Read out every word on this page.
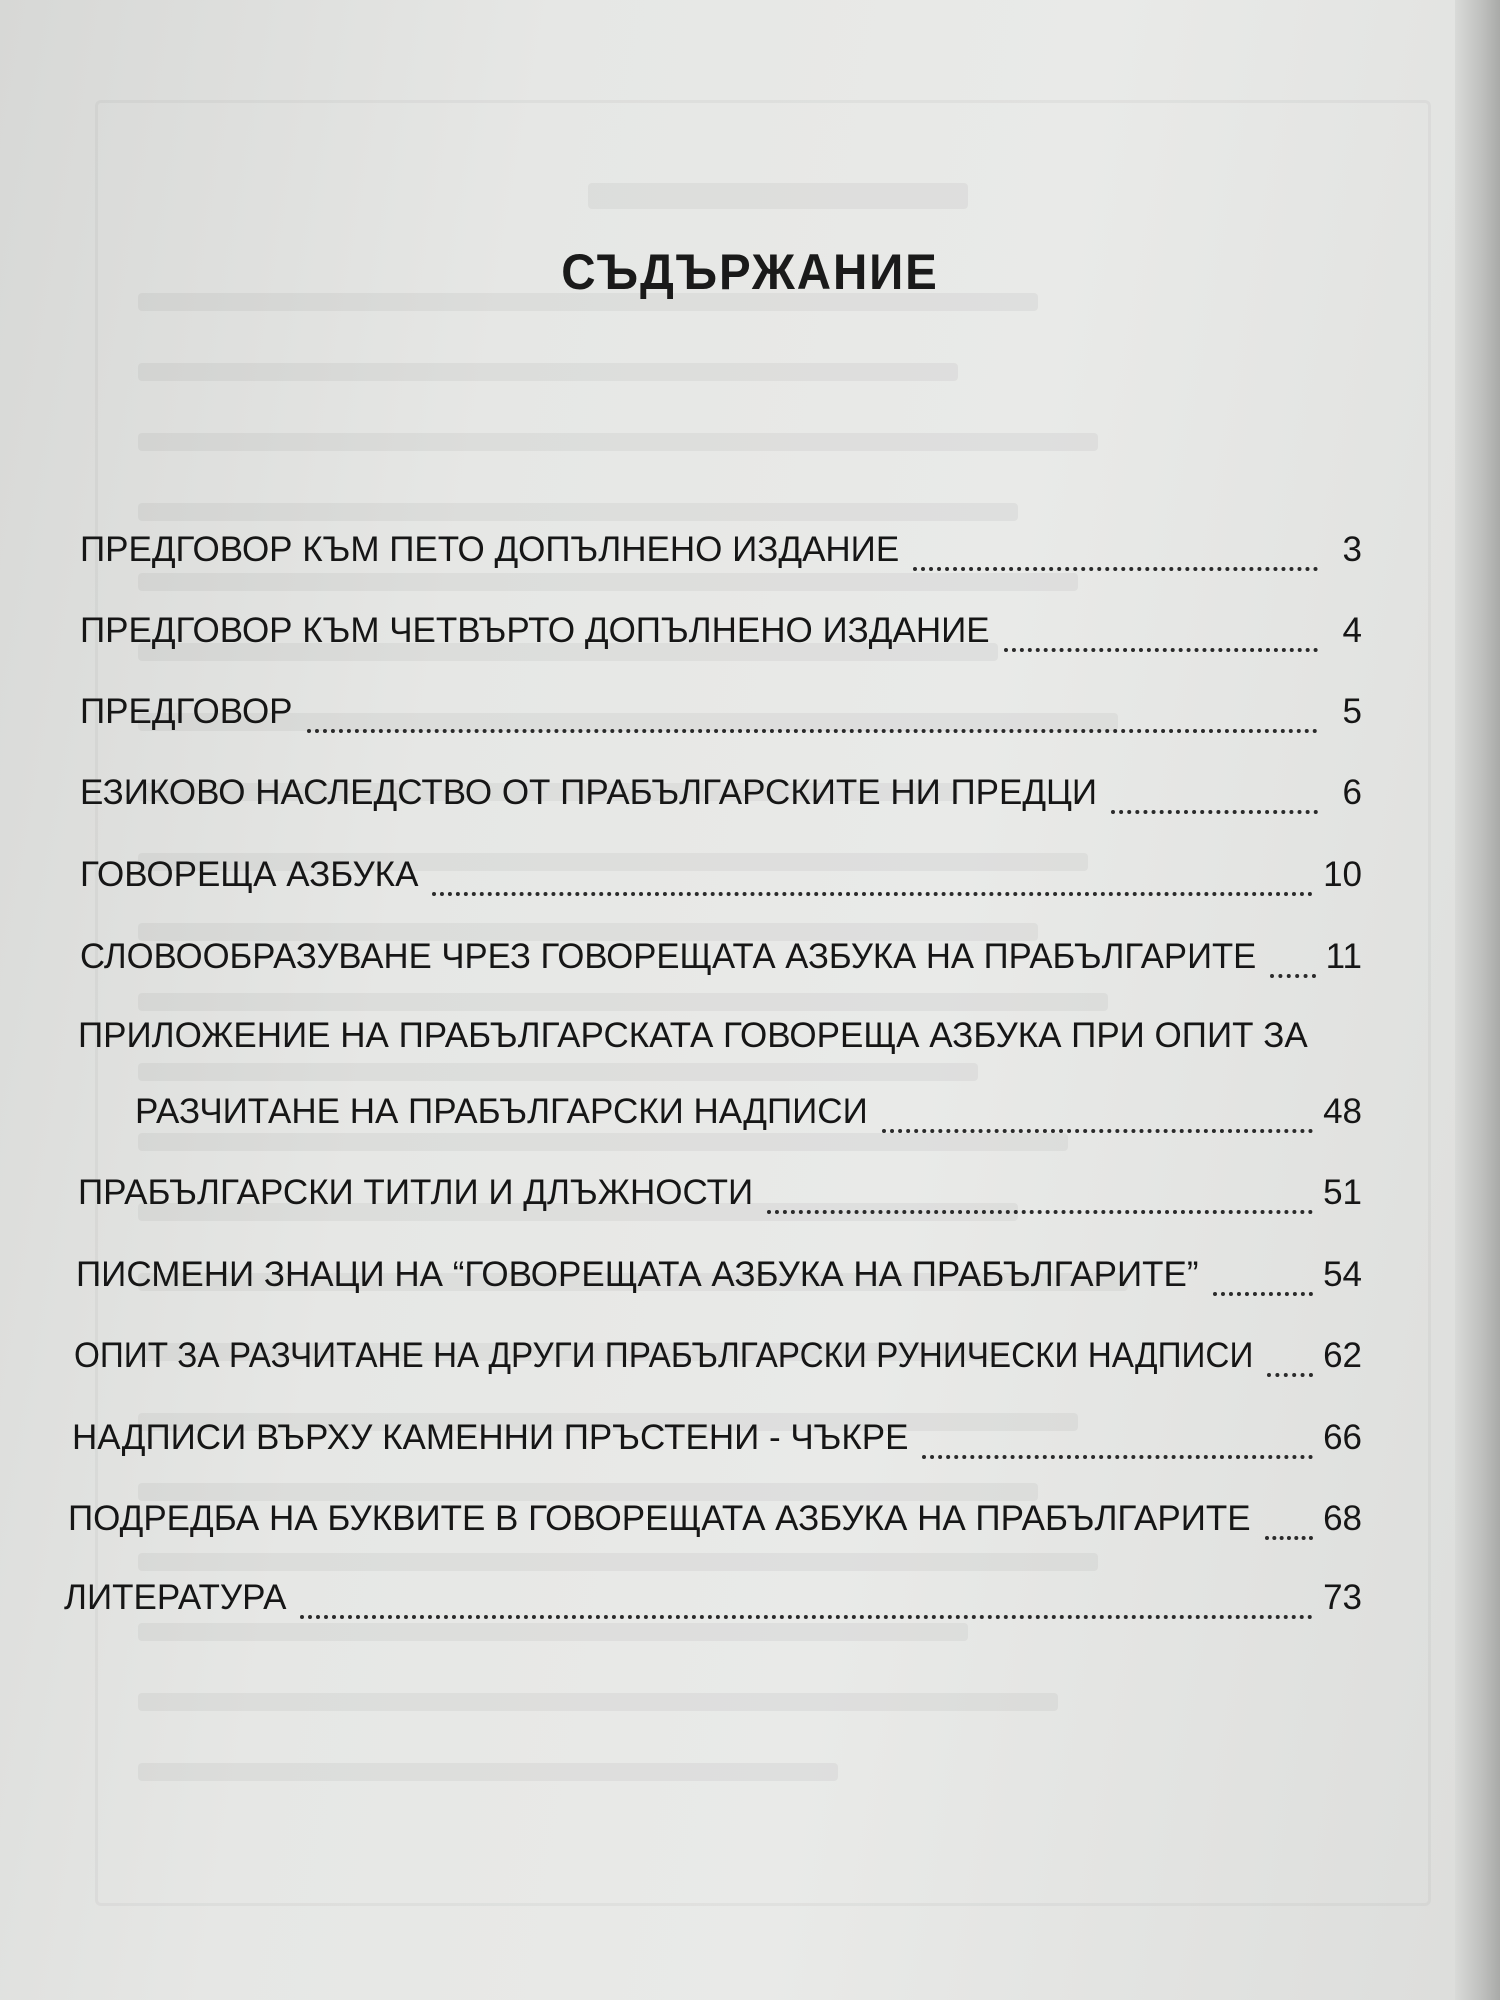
СЪДЪРЖАНИЕ
ПРЕДГОВОР КЪМ ПЕТО ДОПЪЛНЕНО ИЗДАНИЕ	3
ПРЕДГОВОР КЪМ ЧЕТВЪРТО ДОПЪЛНЕНО ИЗДАНИЕ	4
ПРЕДГОВОР	5
ЕЗИКОВО НАСЛЕДСТВО ОТ ПРАБЪЛГАРСКИТЕ НИ ПРЕДЦИ	6
ГОВОРЕЩА АЗБУКА	10
СЛОВООБРАЗУВАНЕ ЧРЕЗ ГОВОРЕЩАТА АЗБУКА НА ПРАБЪЛГАРИТЕ 11
ПРИЛОЖЕНИЕ НА ПРАБЪЛГАРСКАТА ГОВОРЕЩА АЗБУКА ПРИ ОПИТ ЗА
РАЗЧИТАНЕ НА ПРАБЪЛГАРСКИ НАДПИСИ	48
ПРАБЪЛГАРСКИ ТИТЛИ И ДЛЪЖНОСТИ	51
ПИСМЕНИ ЗНАЦИ НА “ГОВОРЕЩАТА АЗБУКА НА ПРАБЪЛГАРИТЕ”	54
ОПИТ ЗА РАЗЧИТАНЕ НА ДРУГИ ПРАБЪЛГАРСКИ РУНИЧЕСКИ НАДПИСИ 62
НАДПИСИ ВЪРХУ КАМЕННИ ПРЪСТЕНИ - ЧЪКРЕ	66
ПОДРЕДБА НА БУКВИТЕ В ГОВОРЕЩАТА АЗБУКА НА ПРАБЪЛГАРИТЕ 68
ЛИТЕРАТУРА	73
